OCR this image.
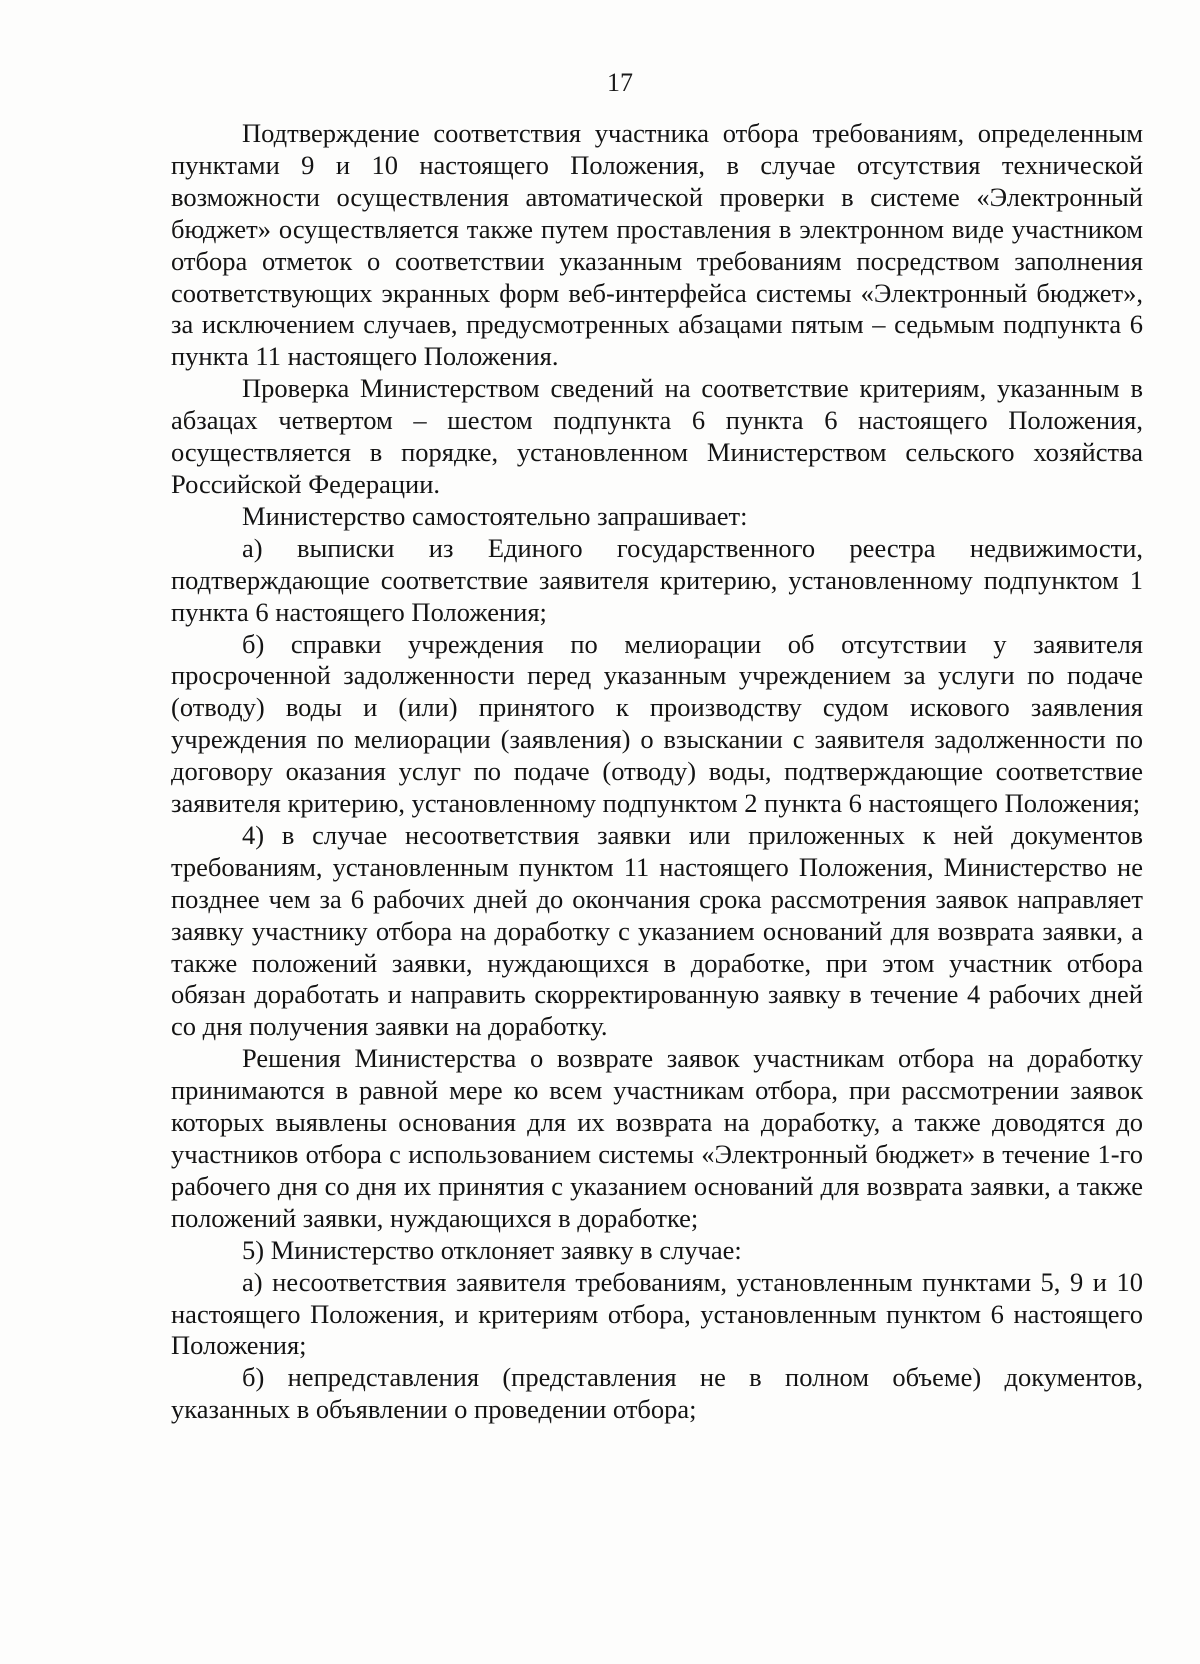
17

Подтверждение соответствия участника отбора требованиям, определенным пунктами 9 и 10 настоящего Положения, в случае отсутствия технической возможности осуществления автоматической проверки в системе «Электронный бюджет» осуществляется также путем проставления в электронном виде участником отбора отметок о соответствии указанным требованиям посредством заполнения соответствующих экранных форм веб-интерфейса системы «Электронный бюджет», за исключением случаев, предусмотренных абзацами пятым – седьмым подпункта 6 пункта 11 настоящего Положения.

Проверка Министерством сведений на соответствие критериям, указанным в абзацах четвертом – шестом подпункта 6 пункта 6 настоящего Положения, осуществляется в порядке, установленном Министерством сельского хозяйства Российской Федерации.

Министерство самостоятельно запрашивает:

а) выписки из Единого государственного реестра недвижимости, подтверждающие соответствие заявителя критерию, установленному подпунктом 1 пункта 6 настоящего Положения;

б) справки учреждения по мелиорации об отсутствии у заявителя просроченной задолженности перед указанным учреждением за услуги по подаче (отводу) воды и (или) принятого к производству судом искового заявления учреждения по мелиорации (заявления) о взыскании с заявителя задолженности по договору оказания услуг по подаче (отводу) воды, подтверждающие соответствие заявителя критерию, установленному подпунктом 2 пункта 6 настоящего Положения;

4) в случае несоответствия заявки или приложенных к ней документов требованиям, установленным пунктом 11 настоящего Положения, Министерство не позднее чем за 6 рабочих дней до окончания срока рассмотрения заявок направляет заявку участнику отбора на доработку с указанием оснований для возврата заявки, а также положений заявки, нуждающихся в доработке, при этом участник отбора обязан доработать и направить скорректированную заявку в течение 4 рабочих дней со дня получения заявки на доработку.

Решения Министерства о возврате заявок участникам отбора на доработку принимаются в равной мере ко всем участникам отбора, при рассмотрении заявок которых выявлены основания для их возврата на доработку, а также доводятся до участников отбора с использованием системы «Электронный бюджет» в течение 1-го рабочего дня со дня их принятия с указанием оснований для возврата заявки, а также положений заявки, нуждающихся в доработке;

5) Министерство отклоняет заявку в случае:

а) несоответствия заявителя требованиям, установленным пунктами 5, 9 и 10 настоящего Положения, и критериям отбора, установленным пунктом 6 настоящего Положения;

б) непредставления (представления не в полном объеме) документов, указанных в объявлении о проведении отбора;
